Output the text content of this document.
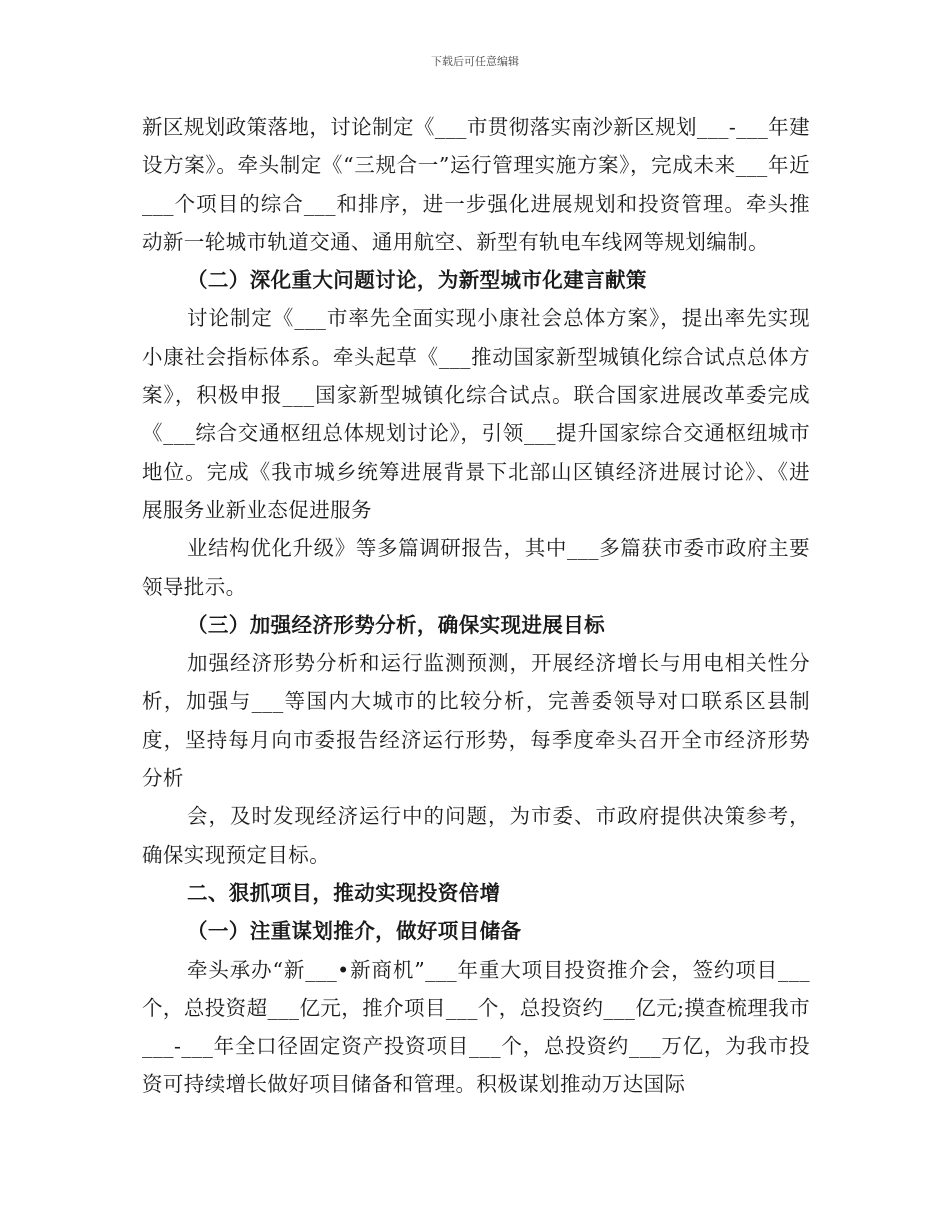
下载后可任意编辑

新区规划政策落地，讨论制定《___市贯彻落实南沙新区规划___-___年建设方案》。牵头制定《“三规合一”运行管理实施方案》，完成未来___年近___个项目的综合___和排序，进一步强化进展规划和投资管理。牵头推动新一轮城市轨道交通、通用航空、新型有轨电车线网等规划编制。

（二）深化重大问题讨论，为新型城市化建言献策

讨论制定《___市率先全面实现小康社会总体方案》，提出率先实现小康社会指标体系。牵头起草《___推动国家新型城镇化综合试点总体方案》，积极申报___国家新型城镇化综合试点。联合国家进展改革委完成《___综合交通枢纽总体规划讨论》，引领___提升国家综合交通枢纽城市地位。完成《我市城乡统筹进展背景下北部山区镇经济进展讨论》、《进展服务业新业态促进服务

业结构优化升级》等多篇调研报告，其中___多篇获市委市政府主要领导批示。

（三）加强经济形势分析，确保实现进展目标

加强经济形势分析和运行监测预测，开展经济增长与用电相关性分析，加强与___等国内大城市的比较分析，完善委领导对口联系区县制度，坚持每月向市委报告经济运行形势，每季度牵头召开全市经济形势分析

会，及时发现经济运行中的问题，为市委、市政府提供决策参考，确保实现预定目标。

二、狠抓项目，推动实现投资倍增

（一）注重谋划推介，做好项目储备

牵头承办“新___•新商机”___年重大项目投资推介会，签约项目___个，总投资超___亿元，推介项目___个，总投资约___亿元;摸查梳理我市___-___年全口径固定资产投资项目___个，总投资约___万亿，为我市投资可持续增长做好项目储备和管理。积极谋划推动万达国际
